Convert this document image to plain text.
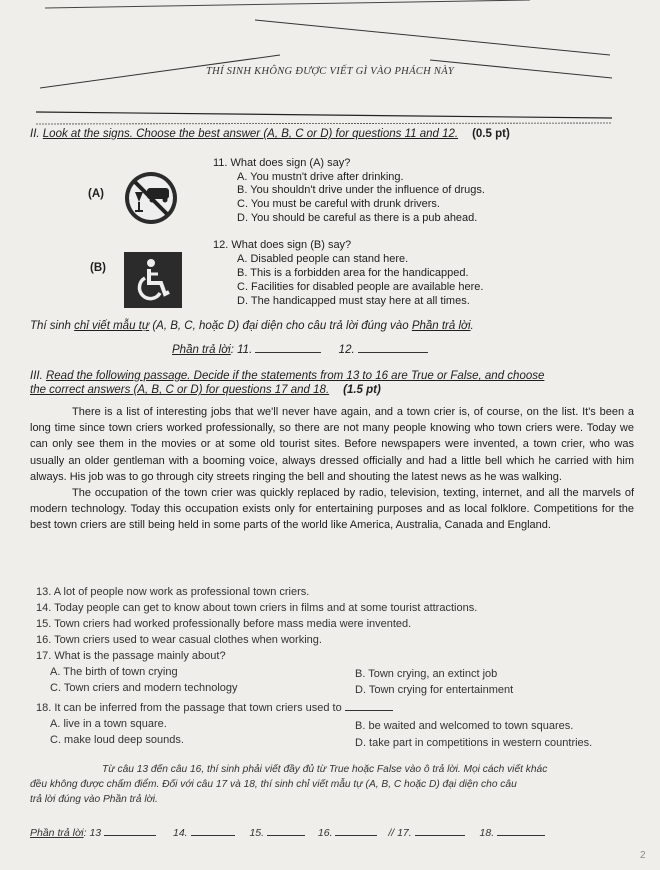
THÍ SINH KHÔNG ĐƯỢC VIẾT GÌ VÀO PHÁCH NÀY
II. Look at the signs. Choose the best answer (A, B, C or D) for questions 11 and 12. (0.5 pt)
11. What does sign (A) say?
A. You mustn't drive after drinking.
B. You shouldn't drive under the influence of drugs.
C. You must be careful with drunk drivers.
D. You should be careful as there is a pub ahead.
(A)
12. What does sign (B) say?
A. Disabled people can stand here.
B. This is a forbidden area for the handicapped.
C. Facilities for disabled people are available here.
D. The handicapped must stay here at all times.
(B)
Thí sinh chỉ viết mẫu tự (A, B, C, hoặc D) đại diện cho câu trả lời đúng vào Phần trả lời.
Phần trả lời: 11.	12.
III. Read the following passage. Decide if the statements from 13 to 16 are True or False, and choose
the correct answers (A, B, C or D) for questions 17 and 18. (1.5 pt)

There is a list of interesting jobs that we'll never have again, and a town crier is, of course, on the list. It's been a long time since town criers worked professionally, so there are not many people knowing who town criers were. Today we can only see them in the movies or at some old tourist sites. Before newspapers were invented, a town crier, who was usually an older gentleman with a booming voice, always dressed officially and had a little bell which he carried with him always. His job was to go through city streets ringing the bell and shouting the latest news as he was walking.

The occupation of the town crier was quickly replaced by radio, television, texting, internet, and all the marvels of modern technology. Today this occupation exists only for entertaining purposes and as local folklore. Competitions for the best town criers are still being held in some parts of the world like America, Australia, Canada and England.

13. A lot of people now work as professional town criers.
14. Today people can get to know about town criers in films and at some tourist attractions.
15. Town criers had worked professionally before mass media were invented.
16. Town criers used to wear casual clothes when working.
17. What is the passage mainly about?
A. The birth of town crying	B. Town crying, an extinct job
C. Town criers and modern technology	D. Town crying for entertainment
18. It can be inferred from the passage that town criers used to
A. live in a town square.	B. be waited and welcomed to town squares.
C. make loud deep sounds.	D. take part in competitions in western countries.
Từ câu 13 đến câu 16, thí sinh phải viết đầy đủ từ True hoặc False vào ô trả lời. Mọi cách viết khác
đều không được chấm điểm. Đối với câu 17 và 18, thí sinh chỉ viết mẫu tự (A, B, C hoặc D) đại diện cho câu
trả lời đúng vào Phần trả lời.
Phần trả lời: 13	14.	15.	16.	// 17.	18.
2
